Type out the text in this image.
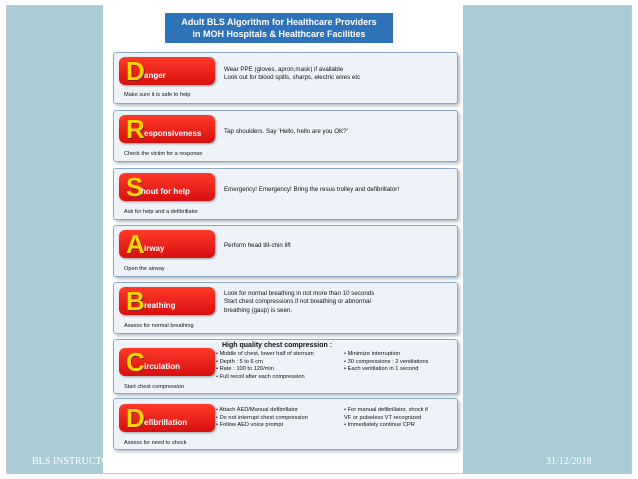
Adult BLS Algorithm for Healthcare Providers
in MOH Hospitals & Healthcare Facilities
D anger
Make sure it is safe to help
Wear PPE (gloves, apron,mask) if available
Look out for blood spills, sharps, electric wires etc
R esponsiveness
Check the victim for a response
Tap shoulders. Say 'Hello, hello are you OK?'
S
hout for help
Ask for help and a defibrillator
Emergency! Emergency! Bring the resus trolley and defibrillator!
A irway
Open the airway
Perform head tilt-chin lift
B reathing
Assess for normal breathing
Look for normal breathing in not more than 10 seconds
Start chest compressions if not breathing or abnormal
breathing (gasp) is seen.
C irculation
Start chest compression
High quality chest compression :
• Middle of chest, lower half of sternum
• Depth : 5 to 6 cm
• Rate : 100 to 120/min
• Full recoil after each compression
• Minimize interruption
• 30 compressions : 2 ventilations
• Each ventilation in 1 second
D efibrillation
Assess for need to shock
• Attach AED/Manual defibrillator
• Do not interrupt chest compression
• Follow AED voice prompt
• For manual defibrillator, shock if
VF or pulseless VT recognized
• Immediately continue CPR
BLS INSTRUCTOR COURSE	17	31/12/2018
